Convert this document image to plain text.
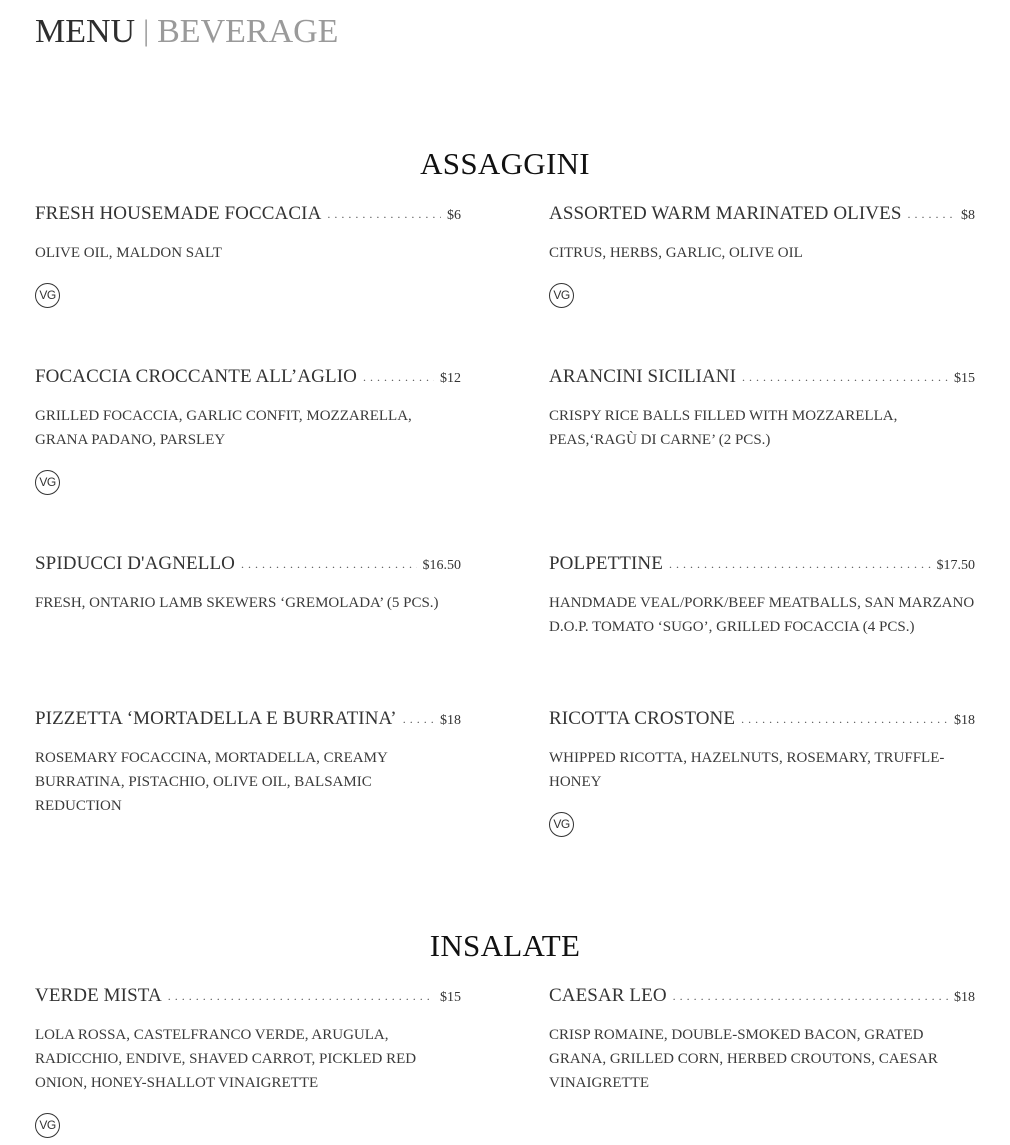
MENU | BEVERAGE
ASSAGGINI
FRESH HOUSEMADE FOCCACIA . . .	$6
OLIVE OIL, MALDON SALT
VG
ASSORTED WARM MARINATED OLIVES . . .	$8
CITRUS, HERBS, GARLIC, OLIVE OIL
VG
FOCACCIA CROCCANTE ALL’AGLIO . . .	$12
GRILLED FOCACCIA, GARLIC CONFIT, MOZZARELLA, GRANA PADANO, PARSLEY
VG
ARANCINI SICILIANI . . .	$15
CRISPY RICE BALLS FILLED WITH MOZZARELLA, PEAS,‘RAGÙ DI CARNE’ (2 PCS.)
SPIDUCCI D'AGNELLO . . .	$16.50
FRESH, ONTARIO LAMB SKEWERS ‘GREMOLADA’ (5 PCS.)
POLPETTINE . . .	$17.50
HANDMADE VEAL/PORK/BEEF MEATBALLS, SAN MARZANO D.O.P. TOMATO ‘SUGO’, GRILLED FOCACCIA (4 PCS.)
PIZZETTA ‘MORTADELLA E BURRATINA’ . . .	$18
ROSEMARY FOCACCINA, MORTADELLA, CREAMY BURRATINA, PISTACHIO, OLIVE OIL, BALSAMIC REDUCTION
RICOTTA CROSTONE . . .	$18
WHIPPED RICOTTA, HAZELNUTS, ROSEMARY, TRUFFLE-HONEY
VG
INSALATE
VERDE MISTA . . .	$15
LOLA ROSSA, CASTELFRANCO VERDE, ARUGULA, RADICCHIO, ENDIVE, SHAVED CARROT, PICKLED RED ONION, HONEY-SHALLOT VINAIGRETTE
VG
CAESAR LEO . . .	$18
CRISP ROMAINE, DOUBLE-SMOKED BACON, GRATED GRANA, GRILLED CORN, HERBED CROUTONS, CAESAR VINAIGRETTE
